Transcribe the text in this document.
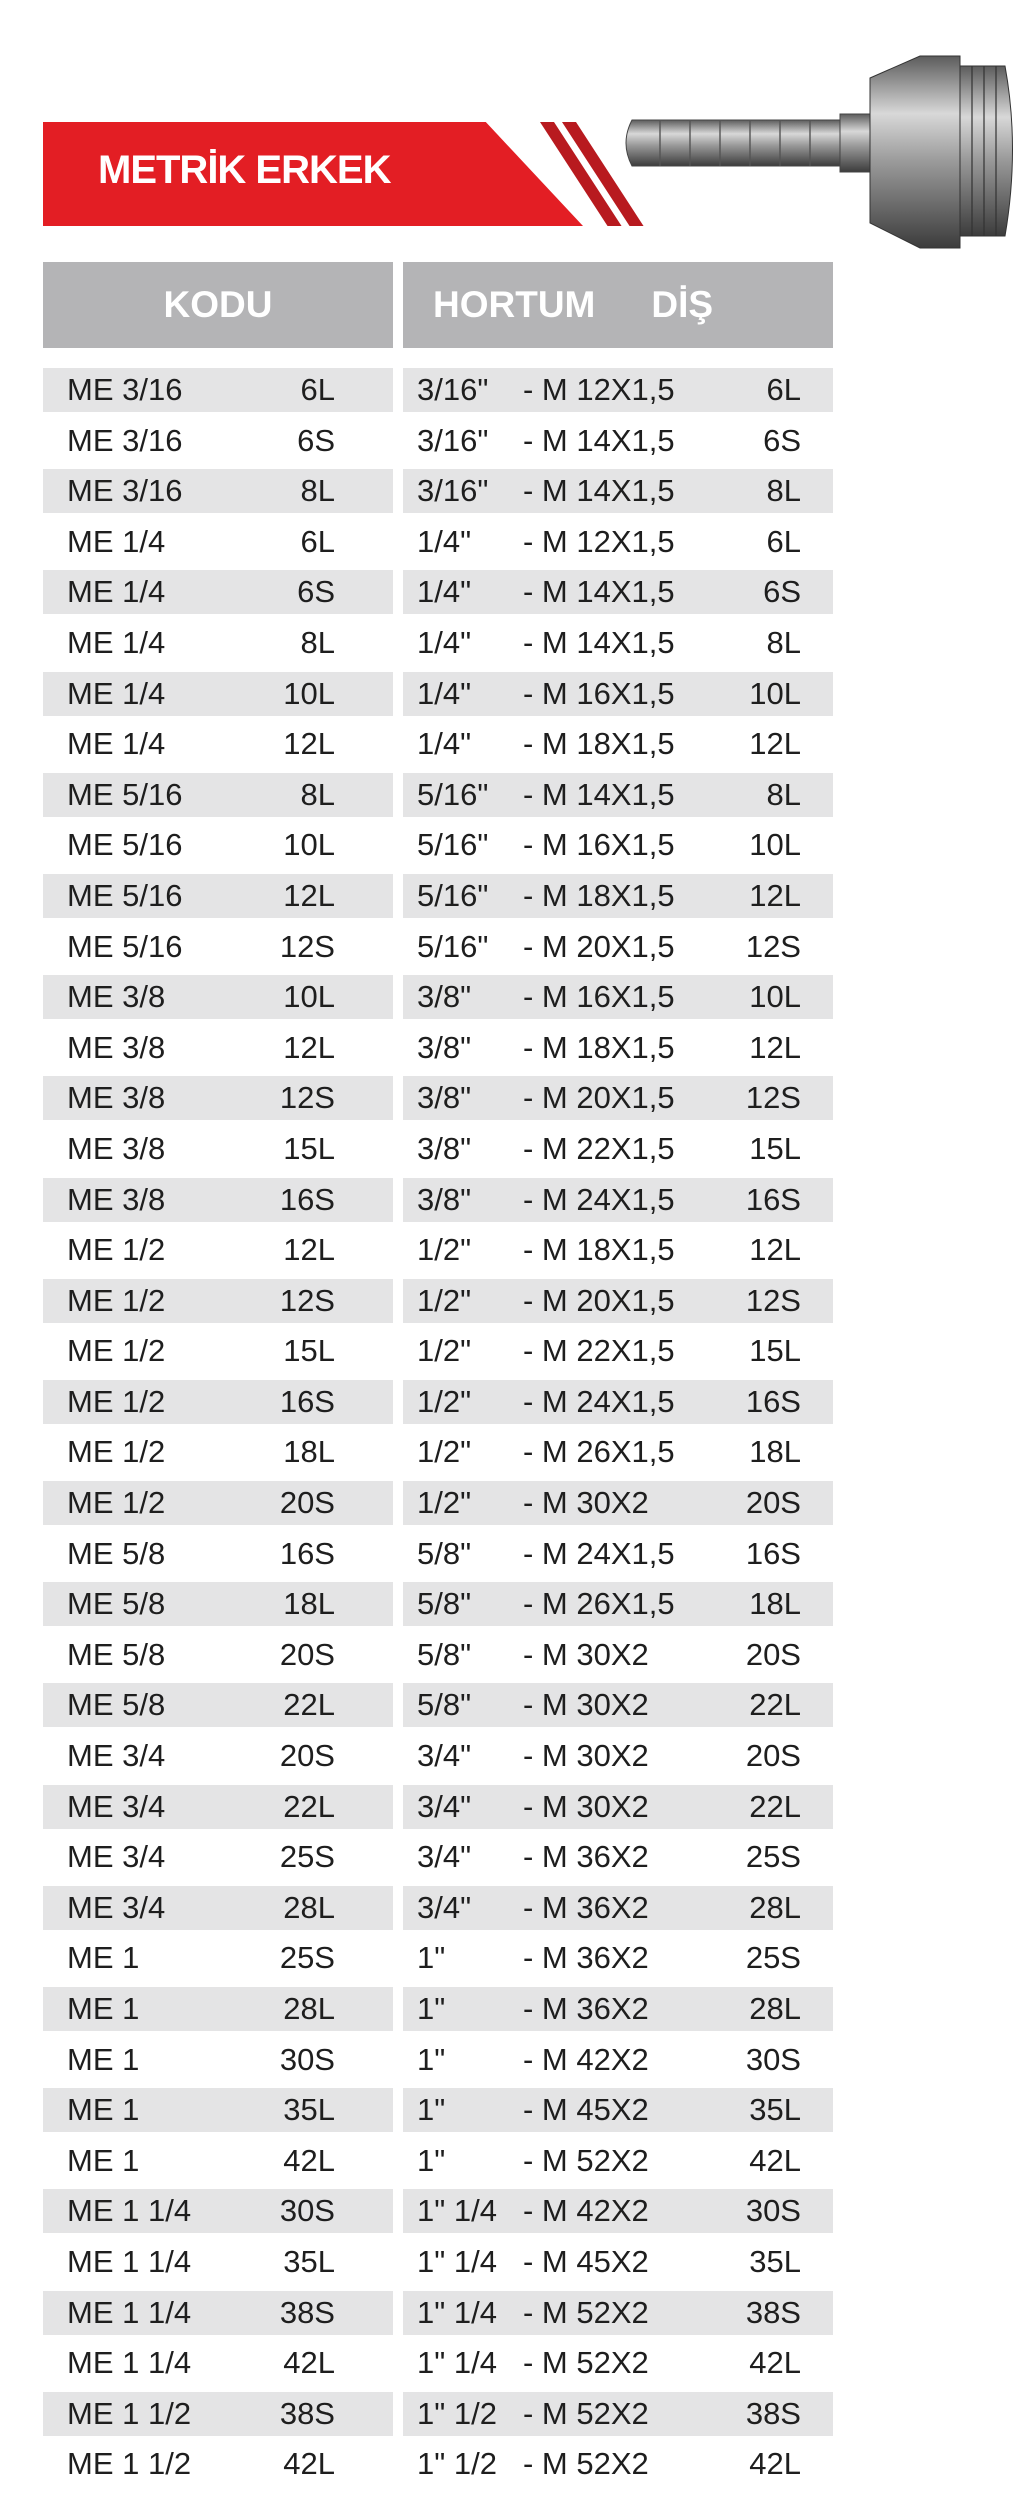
METRİK ERKEK
KODU	HORTUM DİŞ
ME 3/16	6L	3/16" - M 12X1,5	6L
ME 3/16	6S	3/16" - M 14X1,5	6S
ME 3/16	8L	3/16" - M 14X1,5	8L
ME 1/4	6L	1/4" - M 12X1,5	6L
ME 1/4	6S	1/4" - M 14X1,5	6S
ME 1/4	8L	1/4" - M 14X1,5	8L
ME 1/4	10L	1/4" - M 16X1,5	10L
ME 1/4	12L	1/4" - M 18X1,5	12L
ME 5/16	8L	5/16" - M 14X1,5	8L
ME 5/16	10L	5/16" - M 16X1,5	10L
ME 5/16	12L	5/16" - M 18X1,5	12L
ME 5/16	12S	5/16" - M 20X1,5	12S
ME 3/8	10L	3/8" - M 16X1,5	10L
ME 3/8	12L	3/8" - M 18X1,5	12L
ME 3/8	12S	3/8" - M 20X1,5	12S
ME 3/8	15L	3/8" - M 22X1,5	15L
ME 3/8	16S	3/8" - M 24X1,5	16S
ME 1/2	12L	1/2" - M 18X1,5	12L
ME 1/2	12S	1/2" - M 20X1,5	12S
ME 1/2	15L	1/2" - M 22X1,5	15L
ME 1/2	16S	1/2" - M 24X1,5	16S
ME 1/2	18L	1/2" - M 26X1,5	18L
ME 1/2	20S	1/2" - M 30X2	20S
ME 5/8	16S	5/8" - M 24X1,5	16S
ME 5/8	18L	5/8" - M 26X1,5	18L
ME 5/8	20S	5/8" - M 30X2	20S
ME 5/8	22L	5/8" - M 30X2	22L
ME 3/4	20S	3/4" - M 30X2	20S
ME 3/4	22L	3/4" - M 30X2	22L
ME 3/4	25S	3/4" - M 36X2	25S
ME 3/4	28L	3/4" - M 36X2	28L
ME 1	25S	1"	- M 36X2	25S
ME 1	28L	1"	- M 36X2	28L
ME 1	30S	1"	- M 42X2	30S
ME 1	35L	1"	- M 45X2	35L
ME 1	42L	1"	- M 52X2	42L
ME 1 1/4	30S	1" 1/4 - M 42X2	30S
ME 1 1/4	35L	1" 1/4 - M 45X2	35L
ME 1 1/4	38S	1" 1/4 - M 52X2	38S
ME 1 1/4	42L	1" 1/4 - M 52X2	42L
ME 1 1/2	38S	1" 1/2 - M 52X2	38S
ME 1 1/2	42L	1" 1/2 - M 52X2	42L
